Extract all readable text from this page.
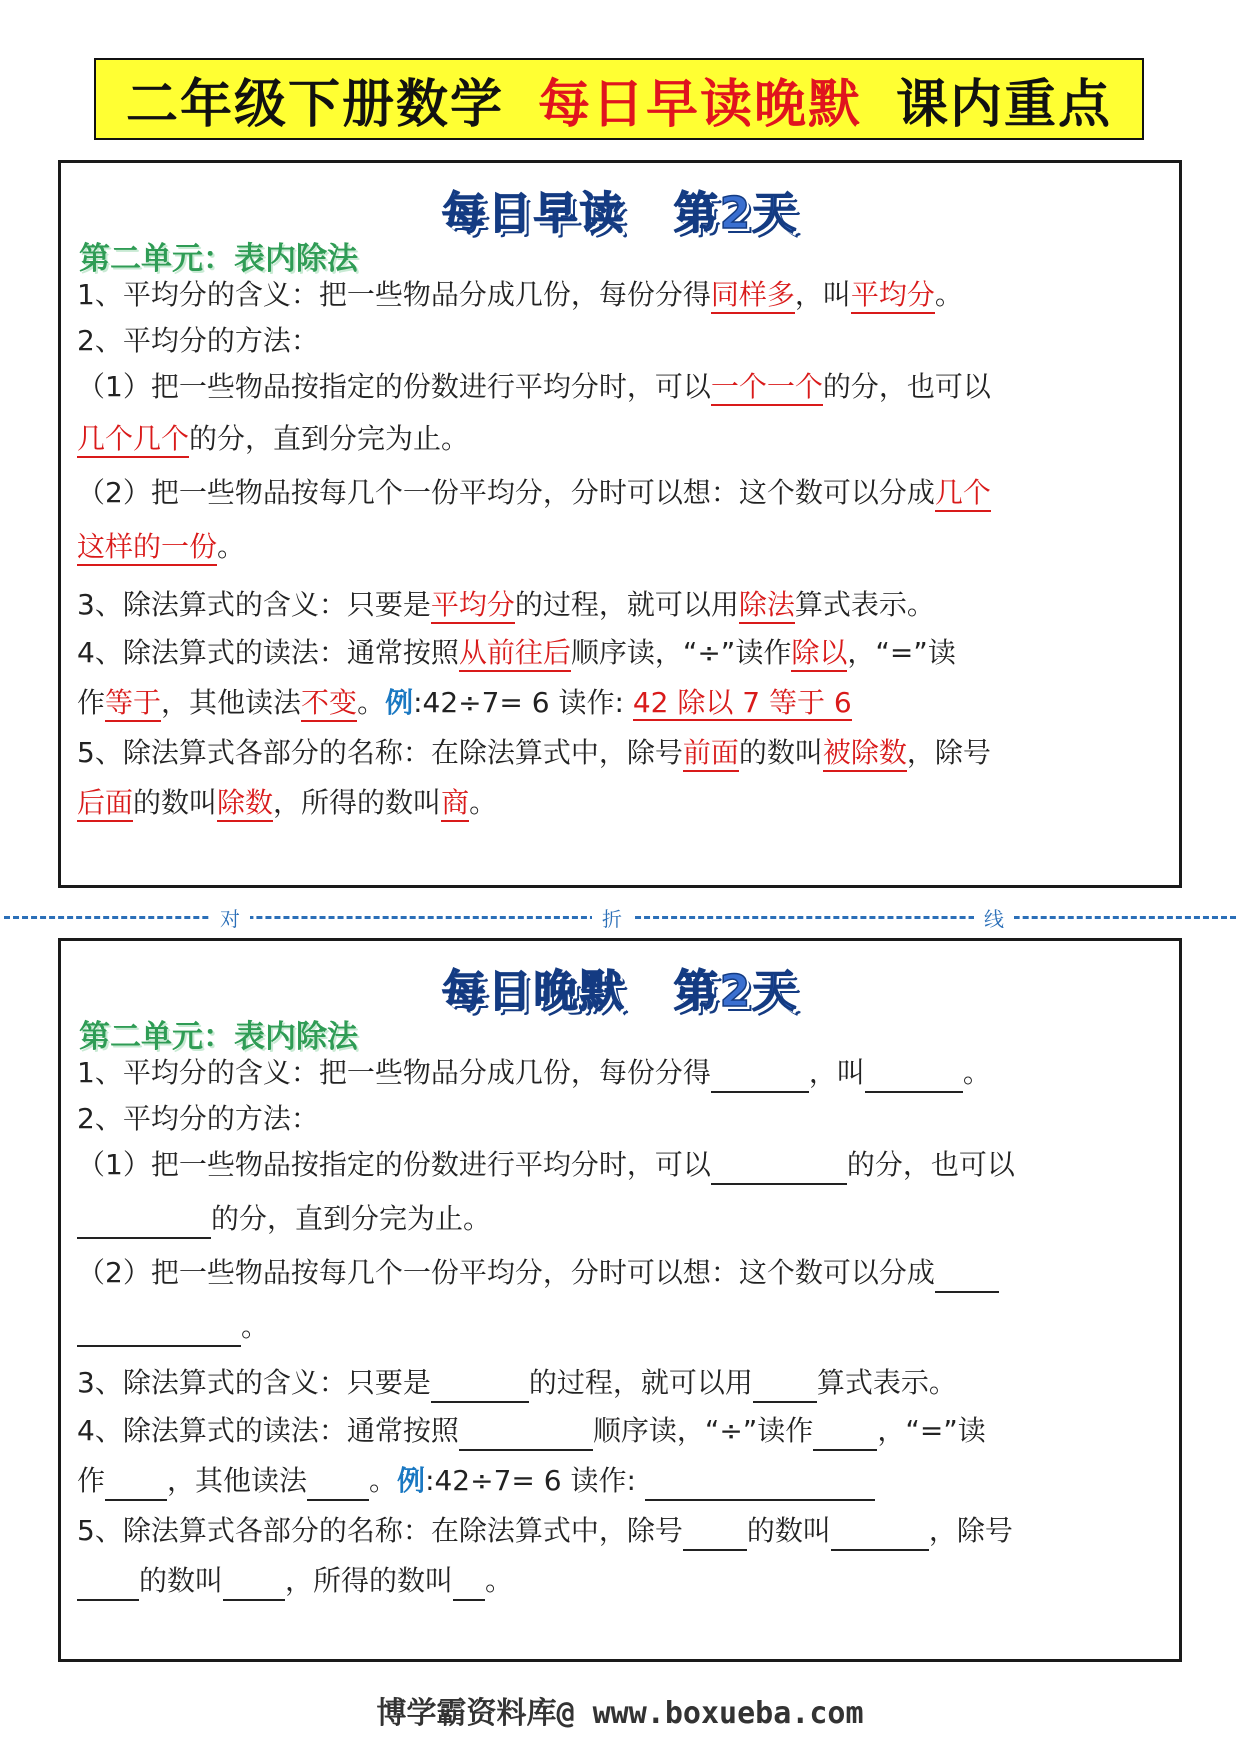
二年级下册数学 每日早读晚默 课内重点
每日早读 第2天
第二单元：表内除法
1、平均分的含义：把一些物品分成几份，每份分得同样多，叫平均分。
2、平均分的方法：
（1）把一些物品按指定的份数进行平均分时，可以一个一个的分，也可以
几个几个的分，直到分完为止。
（2）把一些物品按每几个一份平均分，分时可以想：这个数可以分成几个
这样的一份。
3、除法算式的含义：只要是平均分的过程，就可以用除法算式表示。
4、除法算式的读法：通常按照从前往后顺序读，“÷”读作除以，“=”读
作等于，其他读法不变。例:42÷7= 6 读作: 42 除以 7 等于 6
5、除法算式各部分的名称：在除法算式中，除号前面的数叫被除数，除号
后面的数叫除数，所得的数叫商。
对	折	线
每日晚默 第2天
第二单元：表内除法
1、平均分的含义：把一些物品分成几份，每份分得	，叫	。
2、平均分的方法：
（1）把一些物品按指定的份数进行平均分时，可以	的分，也可以
的分，直到分完为止。
（2）把一些物品按每几个一份平均分，分时可以想：这个数可以分成
。
3、除法算式的含义：只要是	的过程，就可以用 算式表示。
4、除法算式的读法：通常按照	顺序读，“÷”读作 ，“=”读
作 ，其他读法 。例:42÷7= 6 读作:
5、除法算式各部分的名称：在除法算式中，除号 的数叫	，除号
的数叫 ，所得的数叫 。
博学霸资料库@ www.boxueba.com
